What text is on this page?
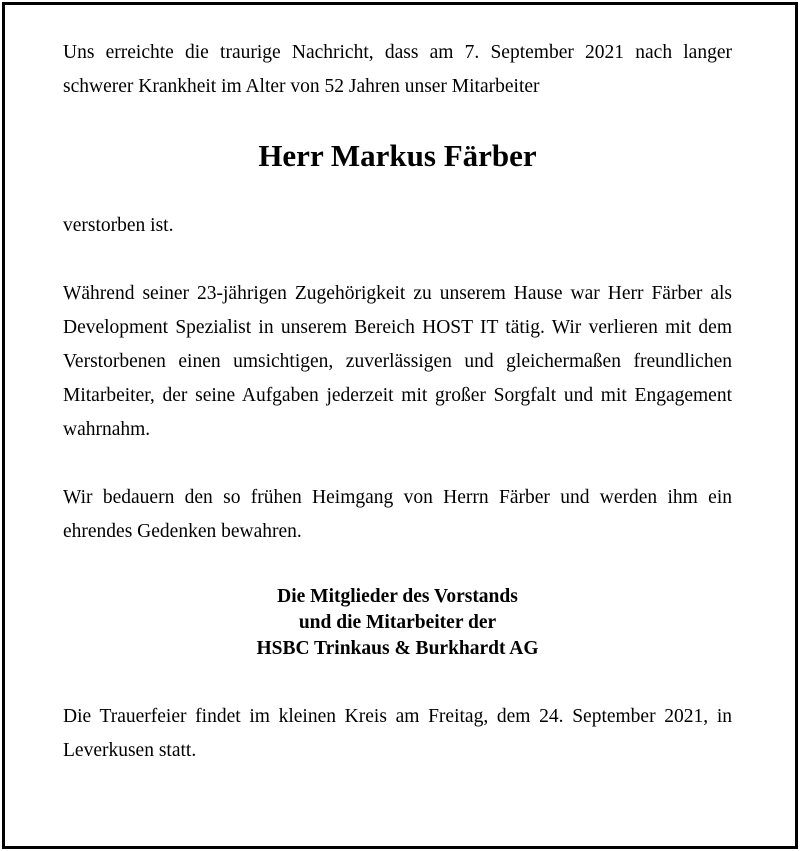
Uns erreichte die traurige Nachricht, dass am 7. September 2021 nach langer schwerer Krankheit im Alter von 52 Jahren unser Mitarbeiter

Herr Markus Färber

verstorben ist.

Während seiner 23-jährigen Zugehörigkeit zu unserem Hause war Herr Färber als Development Spezialist in unserem Bereich HOST IT tätig. Wir verlieren mit dem Verstorbenen einen umsichtigen, zuverlässigen und gleichermaßen freundlichen Mitarbeiter, der seine Aufgaben jederzeit mit großer Sorgfalt und mit Engagement wahrnahm.

Wir bedauern den so frühen Heimgang von Herrn Färber und werden ihm ein ehrendes Gedenken bewahren.

Die Mitglieder des Vorstands
und die Mitarbeiter der
HSBC Trinkaus & Burkhardt AG

Die Trauerfeier findet im kleinen Kreis am Freitag, dem 24. September 2021, in Leverkusen statt.
